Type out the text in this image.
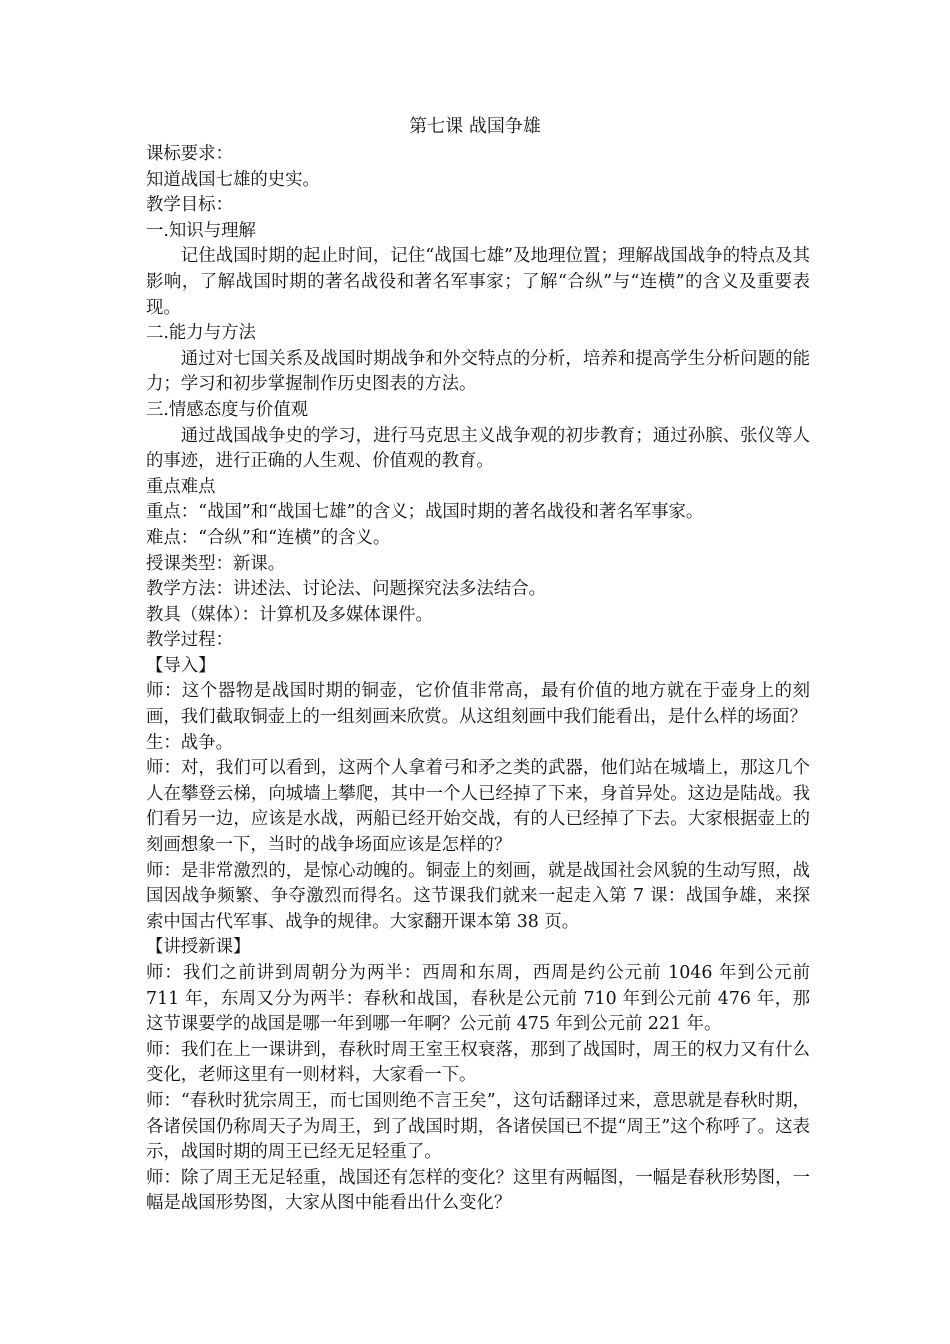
第七课 战国争雄

课标要求：

知道战国七雄的史实。

教学目标：

一.知识与理解

记住战国时期的起止时间，记住“战国七雄”及地理位置；理解战国战争的特点及其影响，了解战国时期的著名战役和著名军事家；了解“合纵”与“连横”的含义及重要表现。

二.能力与方法

通过对七国关系及战国时期战争和外交特点的分析，培养和提高学生分析问题的能力；学习和初步掌握制作历史图表的方法。

三.情感态度与价值观

通过战国战争史的学习，进行马克思主义战争观的初步教育；通过孙膑、张仪等人的事迹，进行正确的人生观、价值观的教育。

重点难点

重点：“战国”和“战国七雄”的含义；战国时期的著名战役和著名军事家。

难点：“合纵”和“连横”的含义。

授课类型：新课。

教学方法：讲述法、讨论法、问题探究法多法结合。

教具（媒体）：计算机及多媒体课件。

教学过程：

【导入】

师：这个器物是战国时期的铜壶，它价值非常高，最有价值的地方就在于壶身上的刻画，我们截取铜壶上的一组刻画来欣赏。从这组刻画中我们能看出，是什么样的场面？

生：战争。

师：对，我们可以看到，这两个人拿着弓和矛之类的武器，他们站在城墙上，那这几个人在攀登云梯，向城墙上攀爬，其中一个人已经掉了下来，身首异处。这边是陆战。我们看另一边，应该是水战，两船已经开始交战，有的人已经掉了下去。大家根据壶上的刻画想象一下，当时的战争场面应该是怎样的？

师：是非常激烈的，是惊心动魄的。铜壶上的刻画，就是战国社会风貌的生动写照，战国因战争频繁、争夺激烈而得名。这节课我们就来一起走入第 7 课：战国争雄，来探索中国古代军事、战争的规律。大家翻开课本第 38 页。

【讲授新课】

师：我们之前讲到周朝分为两半：西周和东周，西周是约公元前 1046 年到公元前 711 年，东周又分为两半：春秋和战国，春秋是公元前 710 年到公元前 476 年，那这节课要学的战国是哪一年到哪一年啊？公元前 475 年到公元前 221 年。

师：我们在上一课讲到，春秋时周王室王权衰落，那到了战国时，周王的权力又有什么变化，老师这里有一则材料，大家看一下。

师：“春秋时犹宗周王，而七国则绝不言王矣”，这句话翻译过来，意思就是春秋时期，各诸侯国仍称周天子为周王，到了战国时期，各诸侯国已不提“周王”这个称呼了。这表示，战国时期的周王已经无足轻重了。

师：除了周王无足轻重，战国还有怎样的变化？这里有两幅图，一幅是春秋形势图，一幅是战国形势图，大家从图中能看出什么变化？
